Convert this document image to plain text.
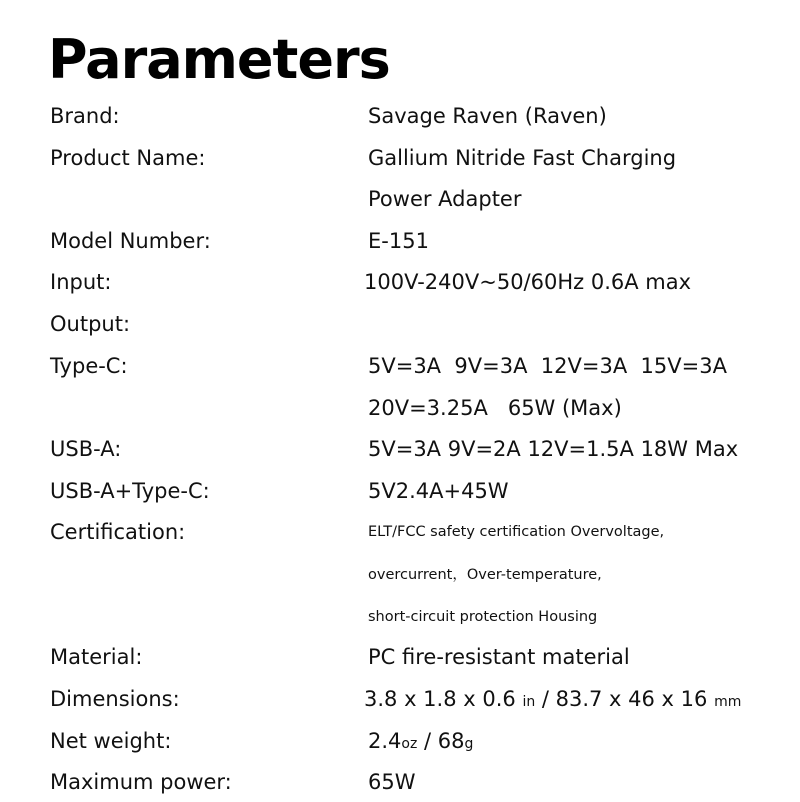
Parameters
Brand:	Savage Raven (Raven)
Product Name:	Gallium Nitride Fast Charging
Power Adapter
Model Number:	E-151
Input:	100V-240V~50/60Hz 0.6A max
Output:
Type-C:	5V=3A  9V=3A  12V=3A  15V=3A
20V=3.25A   65W (Max)
USB-A:	5V=3A 9V=2A 12V=1.5A 18W Max
USB-A+Type-C:	5V2.4A+45W
Certification:	ELT/FCC safety certification Overvoltage,
overcurrent，Over-temperature,
short-circuit protection Housing
Material:	PC fire-resistant material
Dimensions:	3.8 x 1.8 x 0.6 in / 83.7 x 46 x 16 mm
Net weight:	2.4oz / 68g
Maximum power:	65W
